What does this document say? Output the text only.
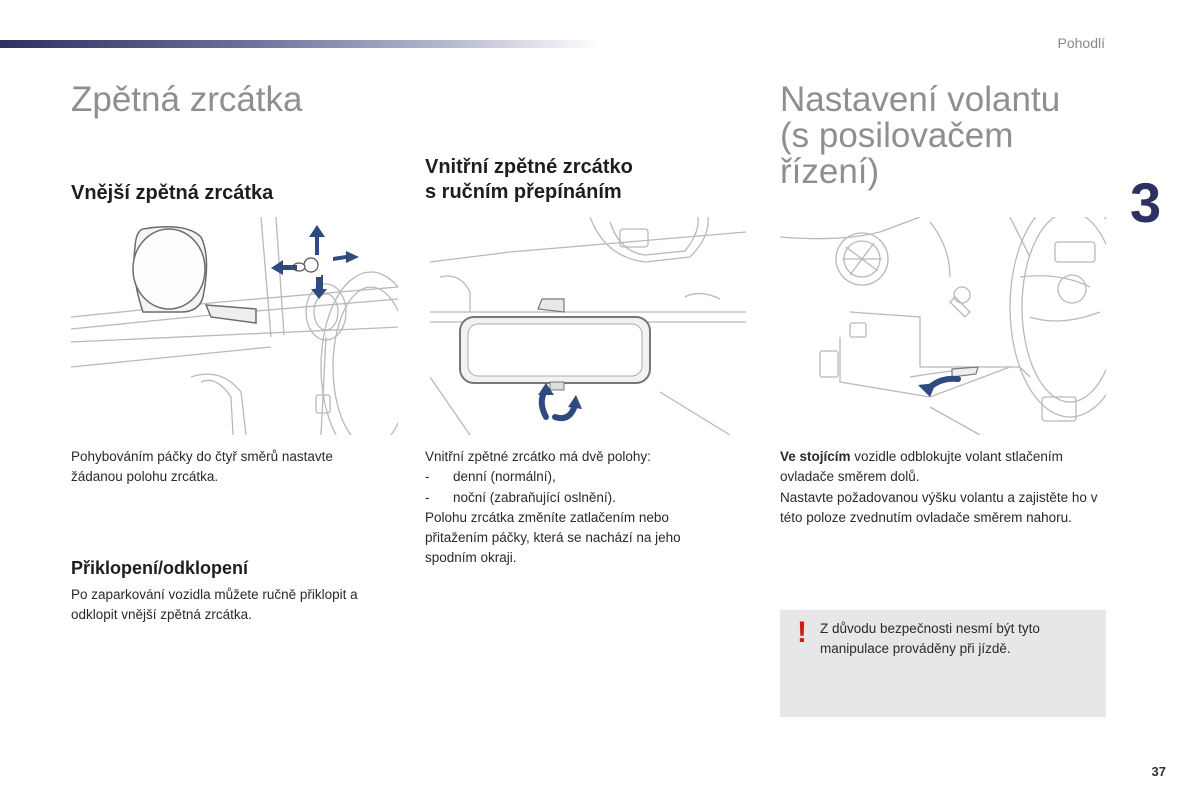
Pohodlí
3
Zpětná zrcátka
Vnější zpětná zrcátka
Pohybováním páčky do čtyř směrů nastavte žádanou polohu zrcátka.
Přiklopení/odklopení
Po zaparkování vozidla můžete ručně přiklopit a odklopit vnější zpětná zrcátka.
Vnitřní zpětné zrcátko
s ručním přepínáním

Vnitřní zpětné zrcátko má dvě polohy:

- denní (normální),

- noční (zabraňující oslnění).

Polohu zrcátka změníte zatlačením nebo přitažením páčky, která se nachází na jeho spodním okraji.

Nastavení volantu
(s posilovačem
řízení)

Ve stojícím vozidle odblokujte volant stlačením ovladače směrem dolů.

Nastavte požadovanou výšku volantu a zajistěte ho v této poloze zvednutím ovladače směrem nahoru.

! Z důvodu bezpečnosti nesmí být tyto manipulace prováděny při jízdě.
37
